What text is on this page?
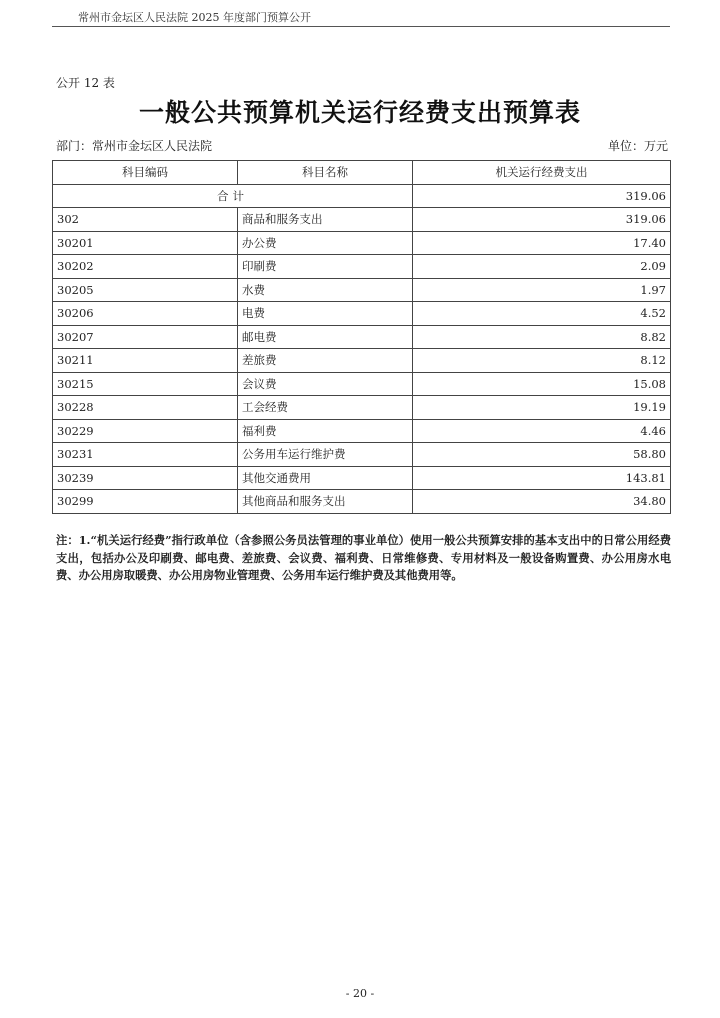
常州市金坛区人民法院 2025 年度部门预算公开
公开 12 表
一般公共预算机关运行经费支出预算表
部门：常州市金坛区人民法院	单位：万元
科目编码	科目名称	机关运行经费支出
合计		319.06
302	商品和服务支出	319.06
30201	办公费	17.40
30202	印刷费	2.09
30205	水费	1.97
30206	电费	4.52
30207	邮电费	8.82
30211	差旅费	8.12
30215	会议费	15.08
30228	工会经费	19.19
30229	福利费	4.46
30231	公务用车运行维护费	58.80
30239	其他交通费用	143.81
30299	其他商品和服务支出	34.80
注：1.“机关运行经费”指行政单位（含参照公务员法管理的事业单位）使用一般公共预算安排的基本支出中的日常公用经费支出，包括办公及印刷费、邮电费、差旅费、会议费、福利费、日常维修费、专用材料及一般设备购置费、办公用房水电费、办公用房取暖费、办公用房物业管理费、公务用车运行维护费及其他费用等。
- 20 -
